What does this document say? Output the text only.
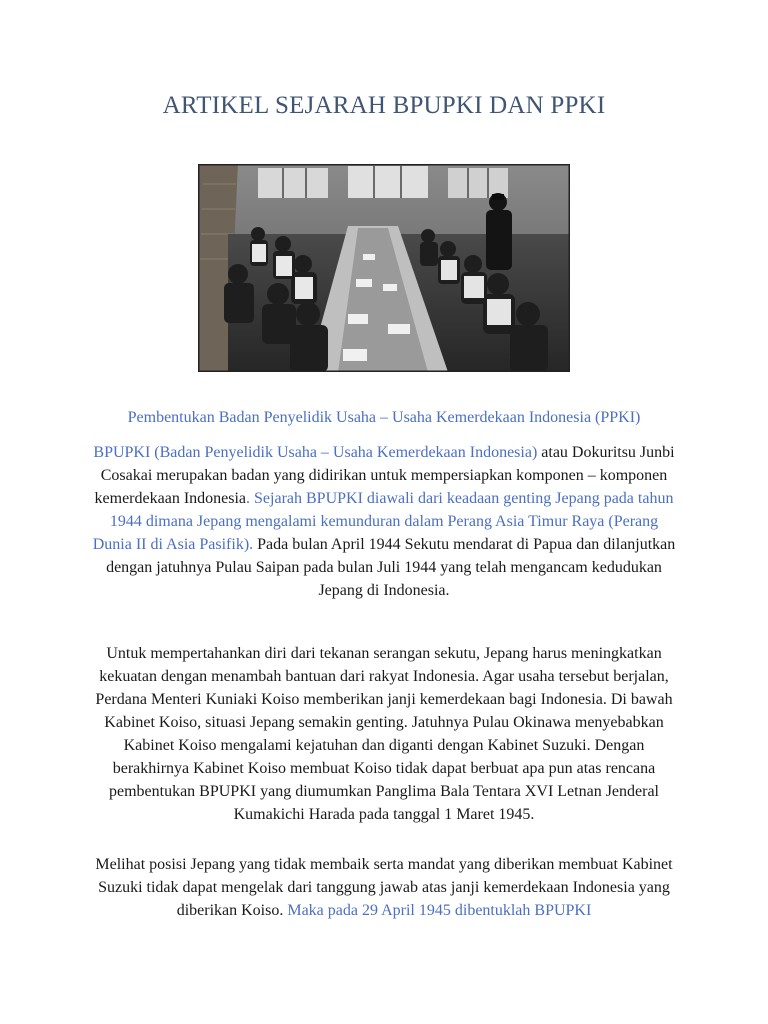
ARTIKEL SEJARAH BPUPKI DAN PPKI

Pembentukan Badan Penyelidik Usaha – Usaha Kemerdekaan Indonesia (PPKI)

BPUPKI (Badan Penyelidik Usaha – Usaha Kemerdekaan Indonesia) atau Dokuritsu Junbi Cosakai merupakan badan yang didirikan untuk mempersiapkan komponen – komponen kemerdekaan Indonesia. Sejarah BPUPKI diawali dari keadaan genting Jepang pada tahun 1944 dimana Jepang mengalami kemunduran dalam Perang Asia Timur Raya (Perang Dunia II di Asia Pasifik). Pada bulan April 1944 Sekutu mendarat di Papua dan dilanjutkan dengan jatuhnya Pulau Saipan pada bulan Juli 1944 yang telah mengancam kedudukan Jepang di Indonesia.

Untuk mempertahankan diri dari tekanan serangan sekutu, Jepang harus meningkatkan kekuatan dengan menambah bantuan dari rakyat Indonesia. Agar usaha tersebut berjalan, Perdana Menteri Kuniaki Koiso memberikan janji kemerdekaan bagi Indonesia. Di bawah Kabinet Koiso, situasi Jepang semakin genting. Jatuhnya Pulau Okinawa menyebabkan Kabinet Koiso mengalami kejatuhan dan diganti dengan Kabinet Suzuki. Dengan berakhirnya Kabinet Koiso membuat Koiso tidak dapat berbuat apa pun atas rencana pembentukan BPUPKI yang diumumkan Panglima Bala Tentara XVI Letnan Jenderal Kumakichi Harada pada tanggal 1 Maret 1945.

Melihat posisi Jepang yang tidak membaik serta mandat yang diberikan membuat Kabinet Suzuki tidak dapat mengelak dari tanggung jawab atas janji kemerdekaan Indonesia yang diberikan Koiso. Maka pada 29 April 1945 dibentuklah BPUPKI
